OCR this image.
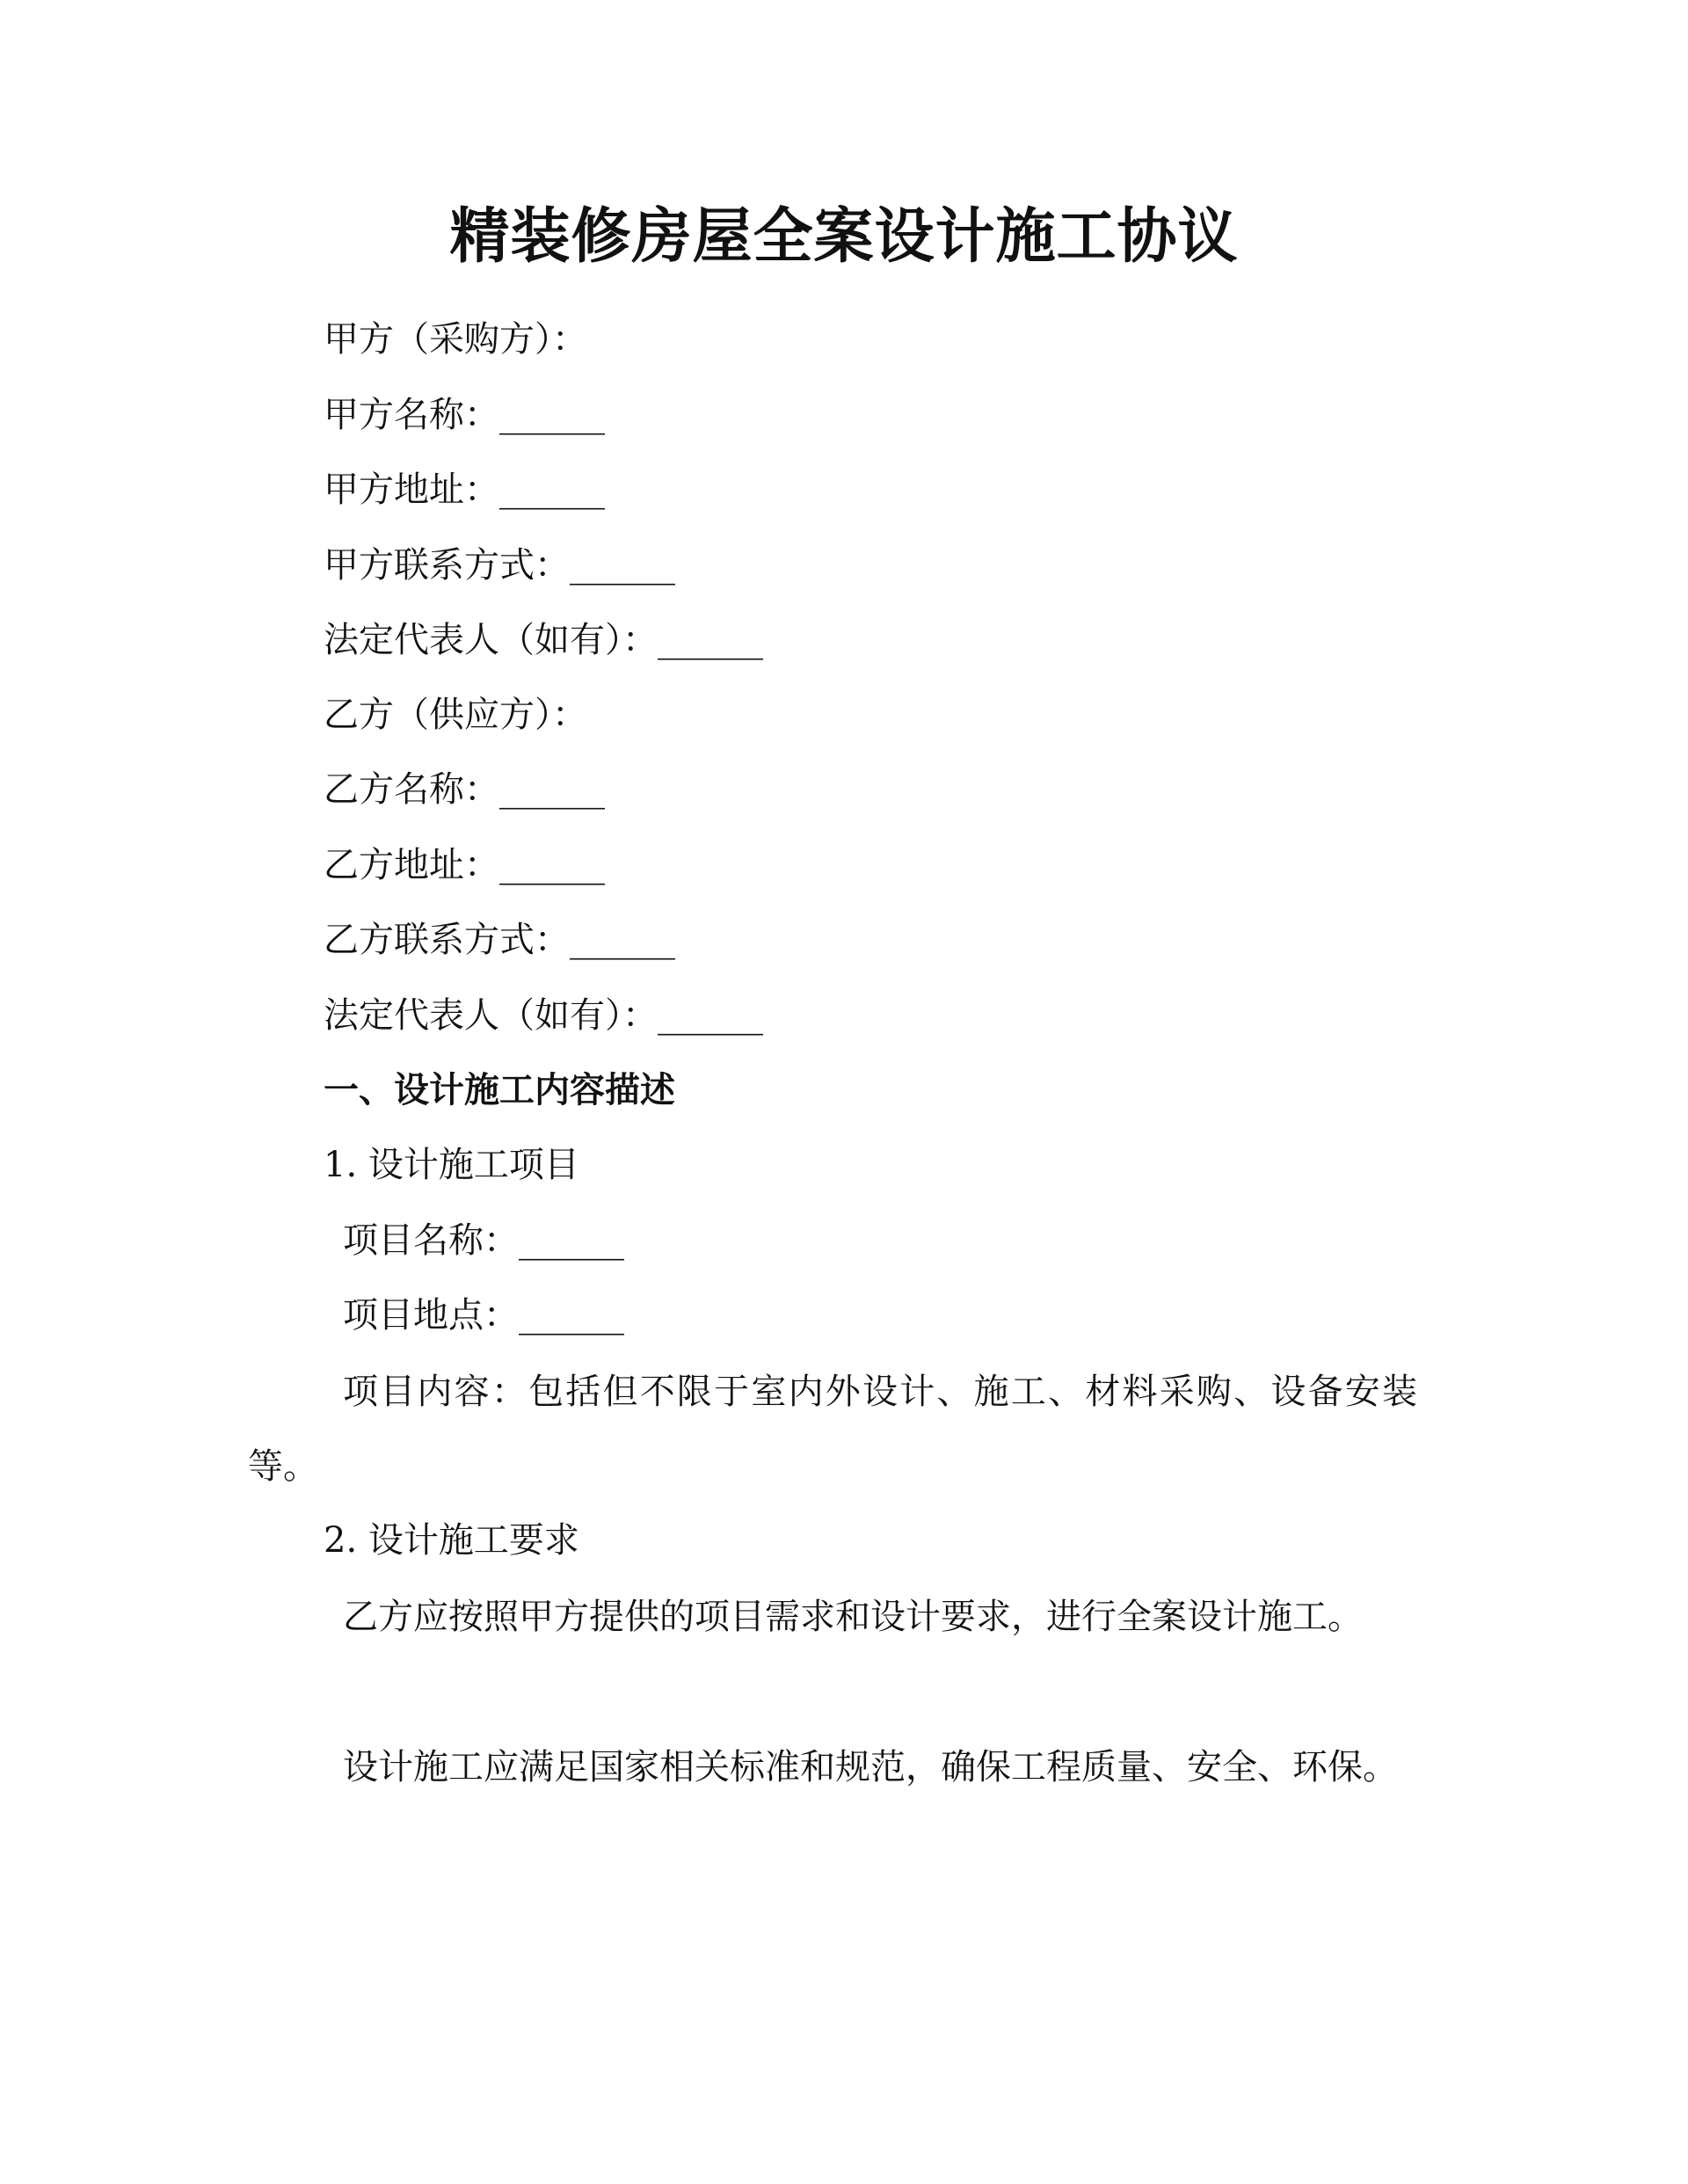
精装修房屋全案设计施工协议

甲方（采购方）：

甲方名称：______

甲方地址：______

甲方联系方式：______

法定代表人（如有）：______

乙方（供应方）：

乙方名称：______

乙方地址：______

乙方联系方式：______

法定代表人（如有）：______

一、设计施工内容描述

1. 设计施工项目

项目名称：______

项目地点：______

项目内容：包括但不限于室内外设计、施工、材料采购、设备安装等。

2. 设计施工要求

乙方应按照甲方提供的项目需求和设计要求，进行全案设计施工。

设计施工应满足国家相关标准和规范，确保工程质量、安全、环保。
